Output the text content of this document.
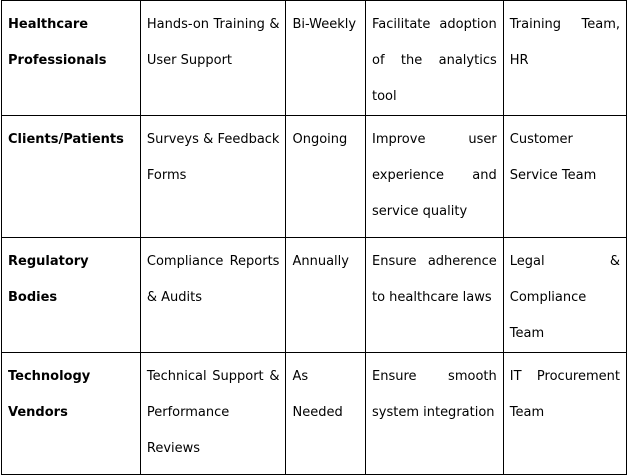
Healthcare Professionals	Hands-on Training & User Support	Bi-Weekly	Facilitate adoption of the analytics tool	Training Team, HR
Clients/Patients	Surveys & Feedback Forms	Ongoing	Improve user experience and service quality	Customer Service Team
Regulatory Bodies	Compliance Reports & Audits	Annually	Ensure adherence to healthcare laws	Legal & Compliance Team
Technology Vendors	Technical Support & Performance Reviews	As Needed	Ensure smooth system integration	IT Procurement Team
